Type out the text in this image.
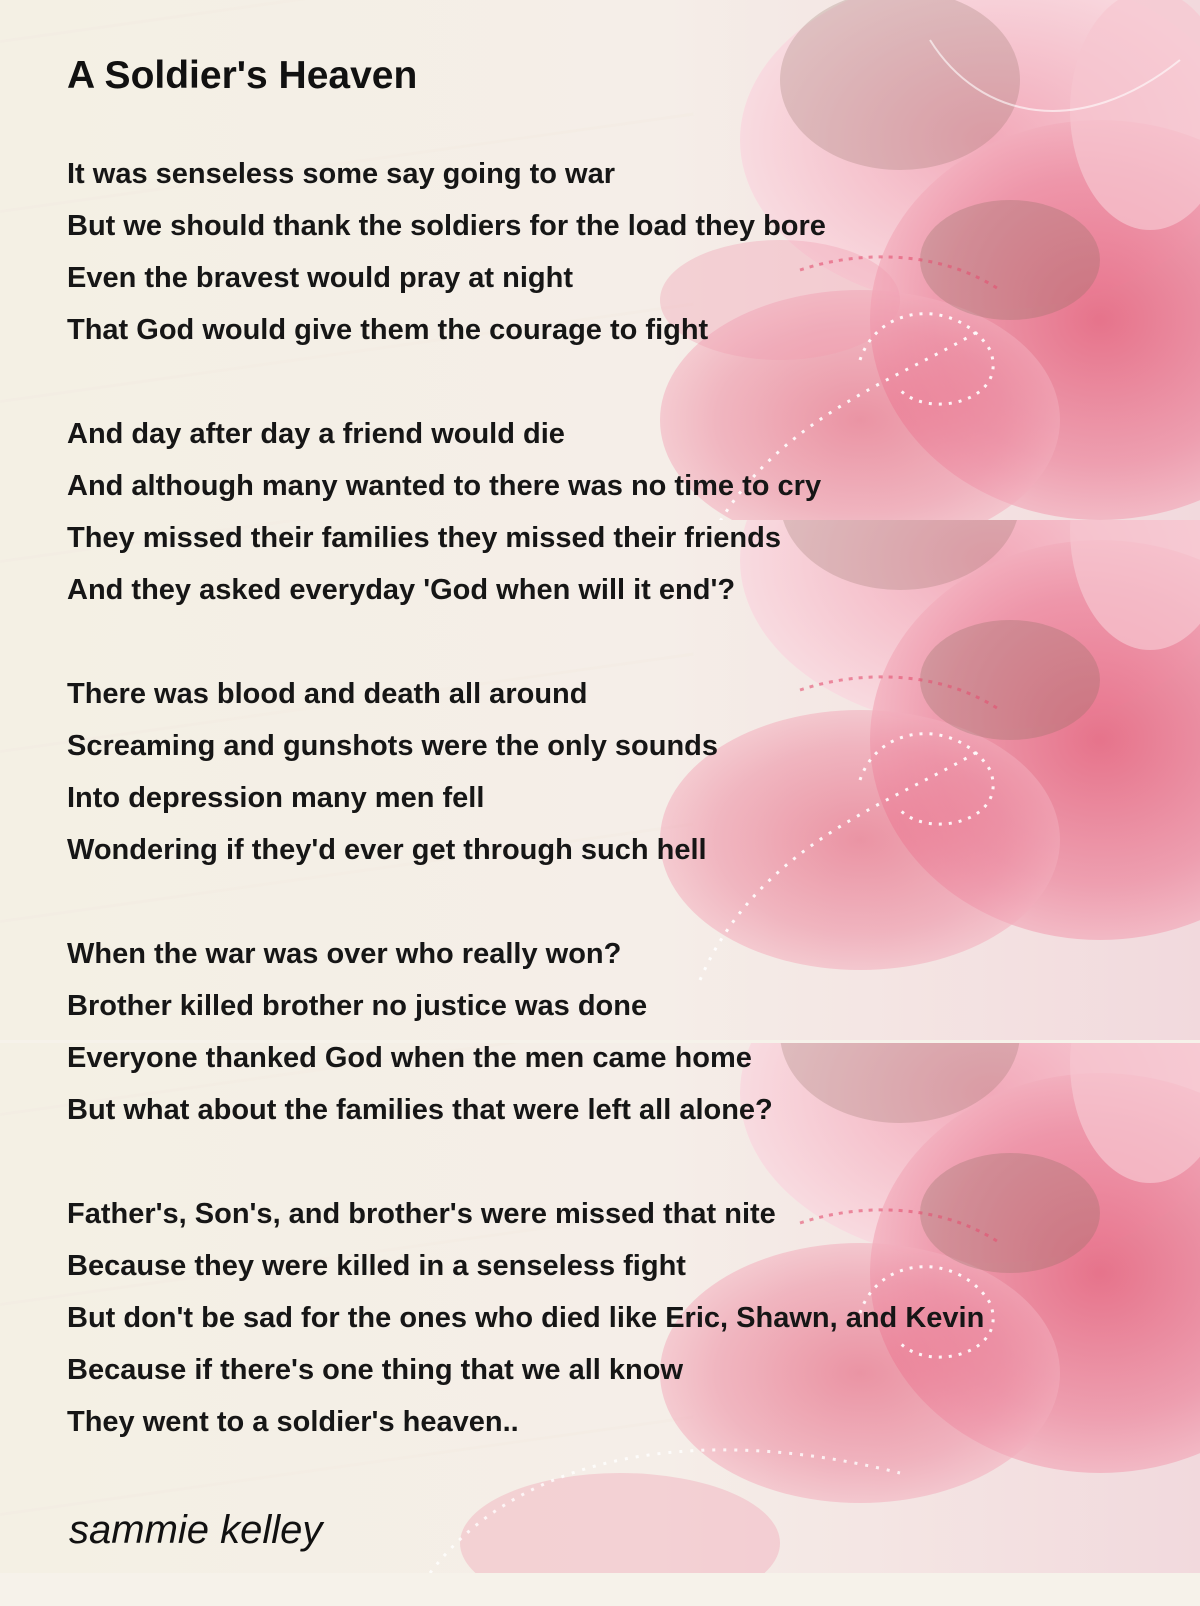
A Soldier's Heaven
It was senseless some say going to war
But we should thank the soldiers for the load they bore
Even the bravest would pray at night
That God would give them the courage to fight
And day after day a friend would die
And although many wanted to there was no time to cry
They missed their families they missed their friends
And they asked everyday 'God when will it end'?
There was blood and death all around
Screaming and gunshots were the only sounds
Into depression many men fell
Wondering if they'd ever get through such hell
When the war was over who really won?
Brother killed brother no justice was done
Everyone thanked God when the men came home
But what about the families that were left all alone?
Father's, Son's, and brother's were missed that nite
Because they were killed in a senseless fight
But don't be sad for the ones who died like Eric, Shawn, and Kevin
Because if there's one thing that we all know
They went to a soldier's heaven..

sammie kelley
